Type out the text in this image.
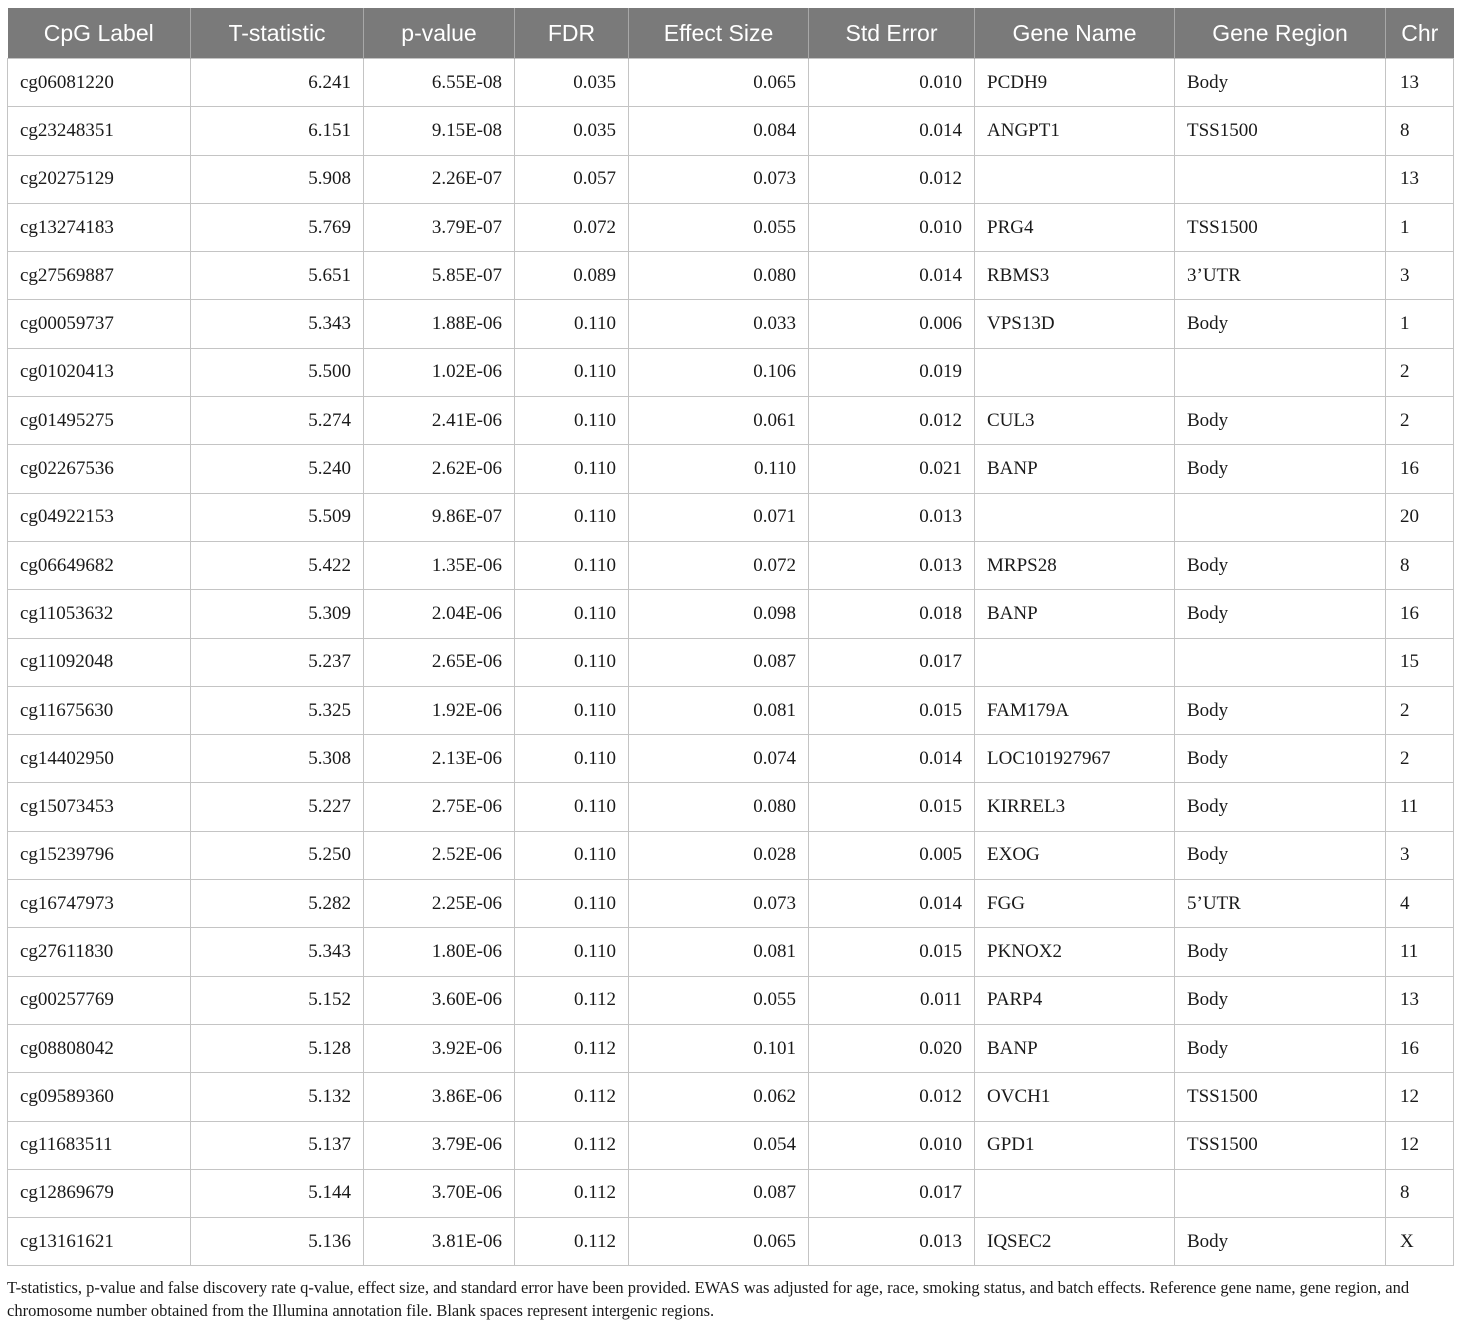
CpG Label	T-statistic	p-value	FDR	Effect Size	Std Error	Gene Name	Gene Region	Chr
cg06081220	6.241	6.55E-08	0.035	0.065	0.010	PCDH9	Body	13
cg23248351	6.151	9.15E-08	0.035	0.084	0.014	ANGPT1	TSS1500	8
cg20275129	5.908	2.26E-07	0.057	0.073	0.012			13
cg13274183	5.769	3.79E-07	0.072	0.055	0.010	PRG4	TSS1500	1
cg27569887	5.651	5.85E-07	0.089	0.080	0.014	RBMS3	3’UTR	3
cg00059737	5.343	1.88E-06	0.110	0.033	0.006	VPS13D	Body	1
cg01020413	5.500	1.02E-06	0.110	0.106	0.019			2
cg01495275	5.274	2.41E-06	0.110	0.061	0.012	CUL3	Body	2
cg02267536	5.240	2.62E-06	0.110	0.110	0.021	BANP	Body	16
cg04922153	5.509	9.86E-07	0.110	0.071	0.013			20
cg06649682	5.422	1.35E-06	0.110	0.072	0.013	MRPS28	Body	8
cg11053632	5.309	2.04E-06	0.110	0.098	0.018	BANP	Body	16
cg11092048	5.237	2.65E-06	0.110	0.087	0.017			15
cg11675630	5.325	1.92E-06	0.110	0.081	0.015	FAM179A	Body	2
cg14402950	5.308	2.13E-06	0.110	0.074	0.014	LOC101927967	Body	2
cg15073453	5.227	2.75E-06	0.110	0.080	0.015	KIRREL3	Body	11
cg15239796	5.250	2.52E-06	0.110	0.028	0.005	EXOG	Body	3
cg16747973	5.282	2.25E-06	0.110	0.073	0.014	FGG	5’UTR	4
cg27611830	5.343	1.80E-06	0.110	0.081	0.015	PKNOX2	Body	11
cg00257769	5.152	3.60E-06	0.112	0.055	0.011	PARP4	Body	13
cg08808042	5.128	3.92E-06	0.112	0.101	0.020	BANP	Body	16
cg09589360	5.132	3.86E-06	0.112	0.062	0.012	OVCH1	TSS1500	12
cg11683511	5.137	3.79E-06	0.112	0.054	0.010	GPD1	TSS1500	12
cg12869679	5.144	3.70E-06	0.112	0.087	0.017			8
cg13161621	5.136	3.81E-06	0.112	0.065	0.013	IQSEC2	Body	X
T-statistics, p-value and false discovery rate q-value, effect size, and standard error have been provided. EWAS was adjusted for age, race, smoking status, and batch effects. Reference gene name, gene region, and chromosome number obtained from the Illumina annotation file. Blank spaces represent intergenic regions.
